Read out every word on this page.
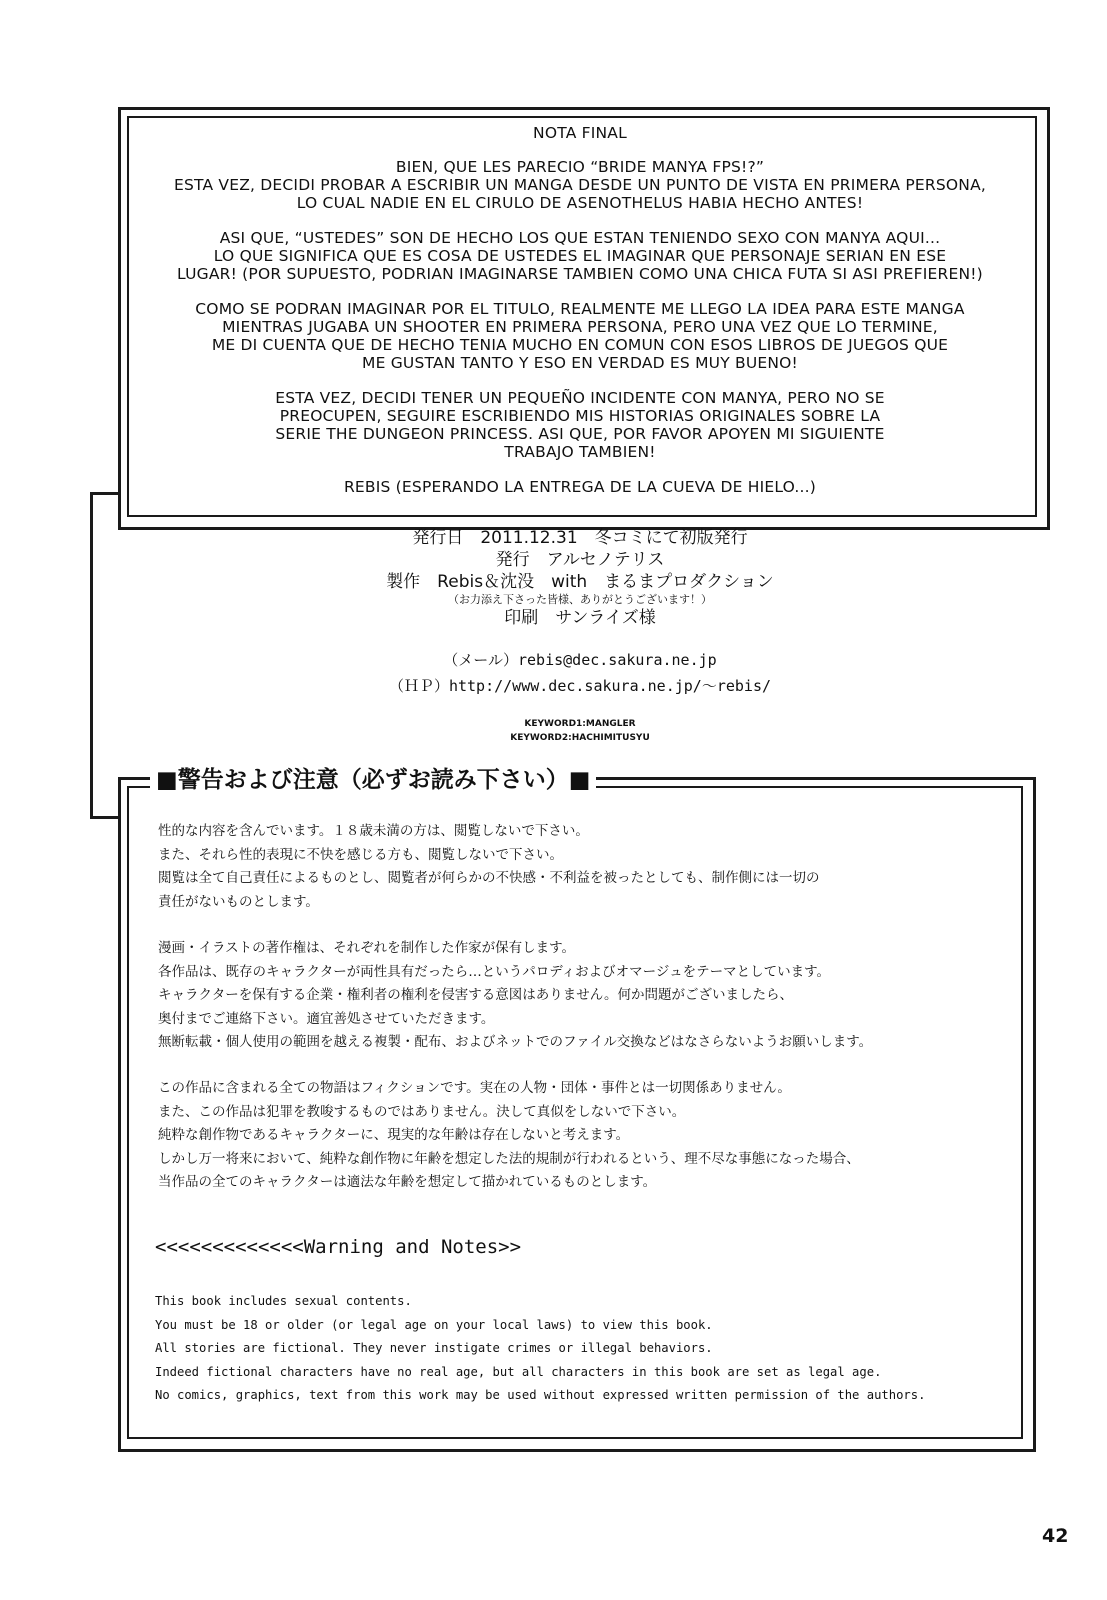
NOTA FINAL

BIEN, QUE LES PARECIO “BRIDE MANYA FPS!?”
ESTA VEZ, DECIDI PROBAR A ESCRIBIR UN MANGA DESDE UN PUNTO DE VISTA EN PRIMERA PERSONA,
LO CUAL NADIE EN EL CIRULO DE ASENOTHELUS HABIA HECHO ANTES!

ASI QUE, “USTEDES” SON DE HECHO LOS QUE ESTAN TENIENDO SEXO CON MANYA AQUI...
LO QUE SIGNIFICA QUE ES COSA DE USTEDES EL IMAGINAR QUE PERSONAJE SERIAN EN ESE
LUGAR! (POR SUPUESTO, PODRIAN IMAGINARSE TAMBIEN COMO UNA CHICA FUTA SI ASI PREFIEREN!)

COMO SE PODRAN IMAGINAR POR EL TITULO, REALMENTE ME LLEGO LA IDEA PARA ESTE MANGA
MIENTRAS JUGABA UN SHOOTER EN PRIMERA PERSONA, PERO UNA VEZ QUE LO TERMINE,
ME DI CUENTA QUE DE HECHO TENIA MUCHO EN COMUN CON ESOS LIBROS DE JUEGOS QUE
ME GUSTAN TANTO Y ESO EN VERDAD ES MUY BUENO!

ESTA VEZ, DECIDI TENER UN PEQUEÑO INCIDENTE CON MANYA, PERO NO SE
PREOCUPEN, SEGUIRE ESCRIBIENDO MIS HISTORIAS ORIGINALES SOBRE LA
SERIE THE DUNGEON PRINCESS. ASI QUE, POR FAVOR APOYEN MI SIGUIENTE
TRABAJO TAMBIEN!

REBIS (ESPERANDO LA ENTREGA DE LA CUEVA DE HIELO...)

発行日　2011.12.31　冬コミにて初版発行
発行　アルセノテリス
製作　Rebis＆沈没　with　まるまプロダクション
（お力添え下さった皆様、ありがとうございます！）
印刷　サンライズ様
（メール）rebis@dec.sakura.ne.jp
（ＨＰ）http://www.dec.sakura.ne.jp/～rebis/
KEYWORD1:MANGLER
KEYWORD2:HACHIMITUSYU
■警告および注意（必ずお読み下さい）■
性的な内容を含んでいます。１８歳未満の方は、閲覧しないで下さい。
また、それら性的表現に不快を感じる方も、閲覧しないで下さい。
閲覧は全て自己責任によるものとし、閲覧者が何らかの不快感・不利益を被ったとしても、制作側には一切の
責任がないものとします。
漫画・イラストの著作権は、それぞれを制作した作家が保有します。
各作品は、既存のキャラクターが両性具有だったら…というパロディおよびオマージュをテーマとしています。
キャラクターを保有する企業・権利者の権利を侵害する意図はありません。何か問題がございましたら、
奥付までご連絡下さい。適宜善処させていただきます。
無断転載・個人使用の範囲を越える複製・配布、およびネットでのファイル交換などはなさらないようお願いします。
この作品に含まれる全ての物語はフィクションです。実在の人物・団体・事件とは一切関係ありません。
また、この作品は犯罪を教唆するものではありません。決して真似をしないで下さい。
純粋な創作物であるキャラクターに、現実的な年齢は存在しないと考えます。
しかし万一将来において、純粋な創作物に年齢を想定した法的規制が行われるという、理不尽な事態になった場合、
当作品の全てのキャラクターは適法な年齢を想定して描かれているものとします。
<<<<<<<<<<<<<Warning and Notes>>
This book includes sexual contents.
You must be 18 or older (or legal age on your local laws) to view this book.
All stories are fictional. They never instigate crimes or illegal behaviors.
Indeed fictional characters have no real age, but all characters in this book are set as legal age.
No comics, graphics, text from this work may be used without expressed written permission of the authors.
42
